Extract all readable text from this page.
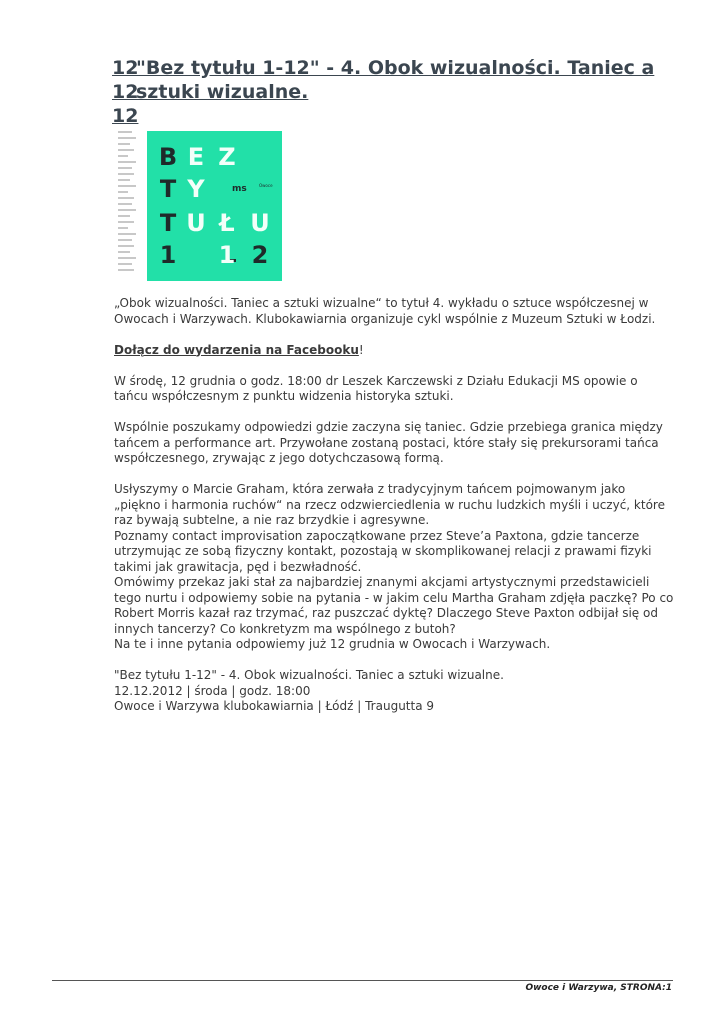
12
"Bez tytułu 1-12" - 4. Obok wizualności. Taniec a
12
sztuki wizualne.
12
B E Z
T Y	ms	Owoce
T U Ł U
1 1 2

„Obok wizualności. Taniec a sztuki wizualne“ to tytuł 4. wykładu o sztuce współczesnej w Owocach i Warzywach. Klubokawiarnia organizuje cykl wspólnie z Muzeum Sztuki w Łodzi.

Dołącz do wydarzenia na Facebooku!

W środę, 12 grudnia o godz. 18:00 dr Leszek Karczewski z Działu Edukacji MS opowie o tańcu współczesnym z punktu widzenia historyka sztuki.

Wspólnie poszukamy odpowiedzi gdzie zaczyna się taniec. Gdzie przebiega granica między tańcem a performance art. Przywołane zostaną postaci, które stały się prekursorami tańca współczesnego, zrywając z jego dotychczasową formą.

Usłyszymy o Marcie Graham, która zerwała z tradycyjnym tańcem pojmowanym jako „piękno i harmonia ruchów“ na rzecz odzwierciedlenia w ruchu ludzkich myśli i uczyć, które raz bywają subtelne, a nie raz brzydkie i agresywne.

Poznamy contact improvisation zapoczątkowane przez Steve’a Paxtona, gdzie tancerze utrzymując ze sobą fizyczny kontakt, pozostają w skomplikowanej relacji z prawami fizyki takimi jak grawitacja, pęd i bezwładność.

Omówimy przekaz jaki stał za najbardziej znanymi akcjami artystycznymi przedstawicieli tego nurtu i odpowiemy sobie na pytania - w jakim celu Martha Graham zdjęła paczkę? Po co Robert Morris kazał raz trzymać, raz puszczać dyktę? Dlaczego Steve Paxton odbijał się od innych tancerzy? Co konkretyzm ma wspólnego z butoh?

Na te i inne pytania odpowiemy już 12 grudnia w Owocach i Warzywach.

"Bez tytułu 1-12" - 4. Obok wizualności. Taniec a sztuki wizualne.

12.12.2012 | środa | godz. 18:00

Owoce i Warzywa klubokawiarnia | Łódź | Traugutta 9

Owoce i Warzywa, STRONA:1
